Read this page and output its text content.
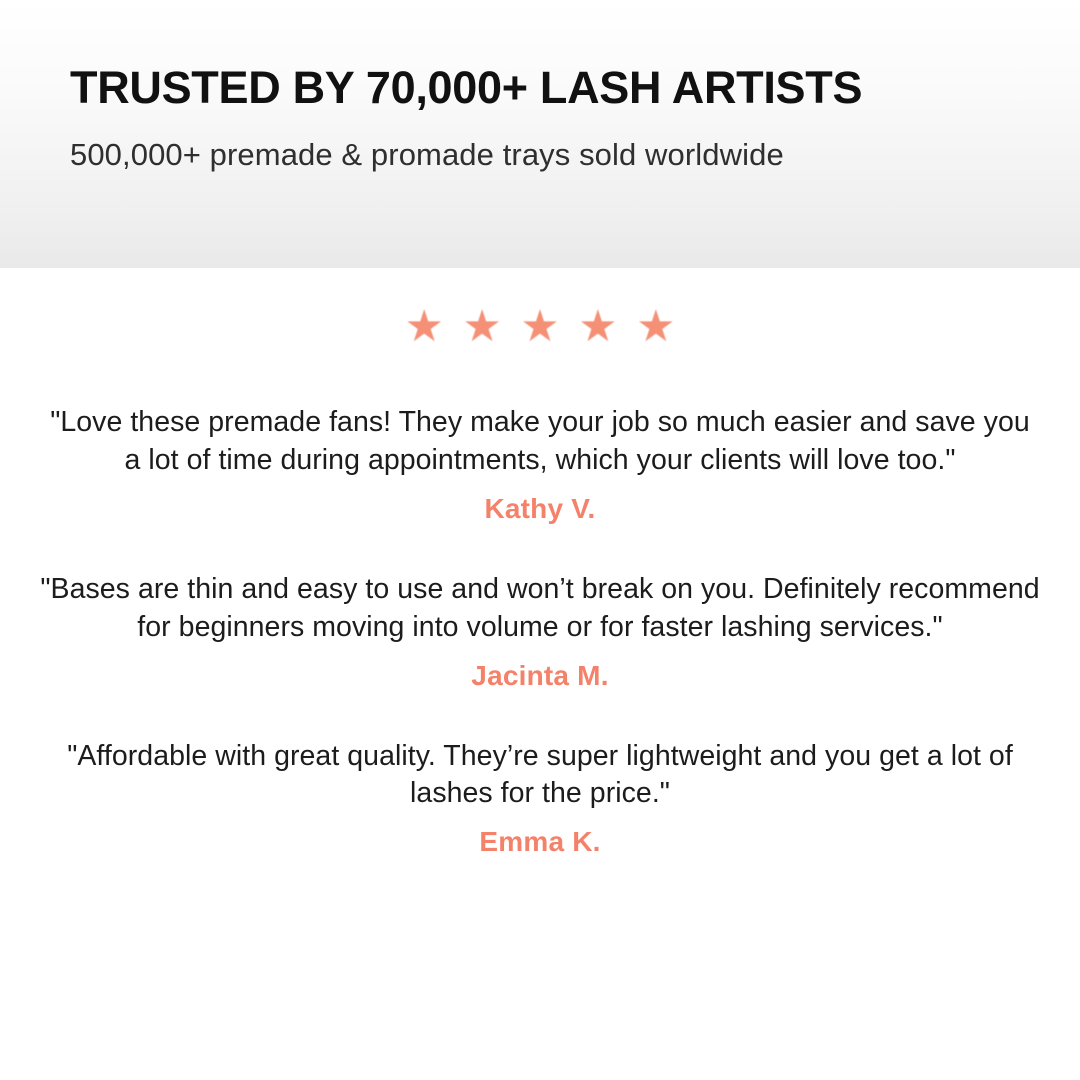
TRUSTED BY 70,000+ LASH ARTISTS

500,000+ premade & promade trays sold worldwide

★ ★ ★ ★ ★

"Love these premade fans! They make your job so much easier and save you a lot of time during appointments, which your clients will love too."

Kathy V.

"Bases are thin and easy to use and won’t break on you. Definitely recommend for beginners moving into volume or for faster lashing services."

Jacinta M.

"Affordable with great quality. They’re super lightweight and you get a lot of lashes for the price."

Emma K.
